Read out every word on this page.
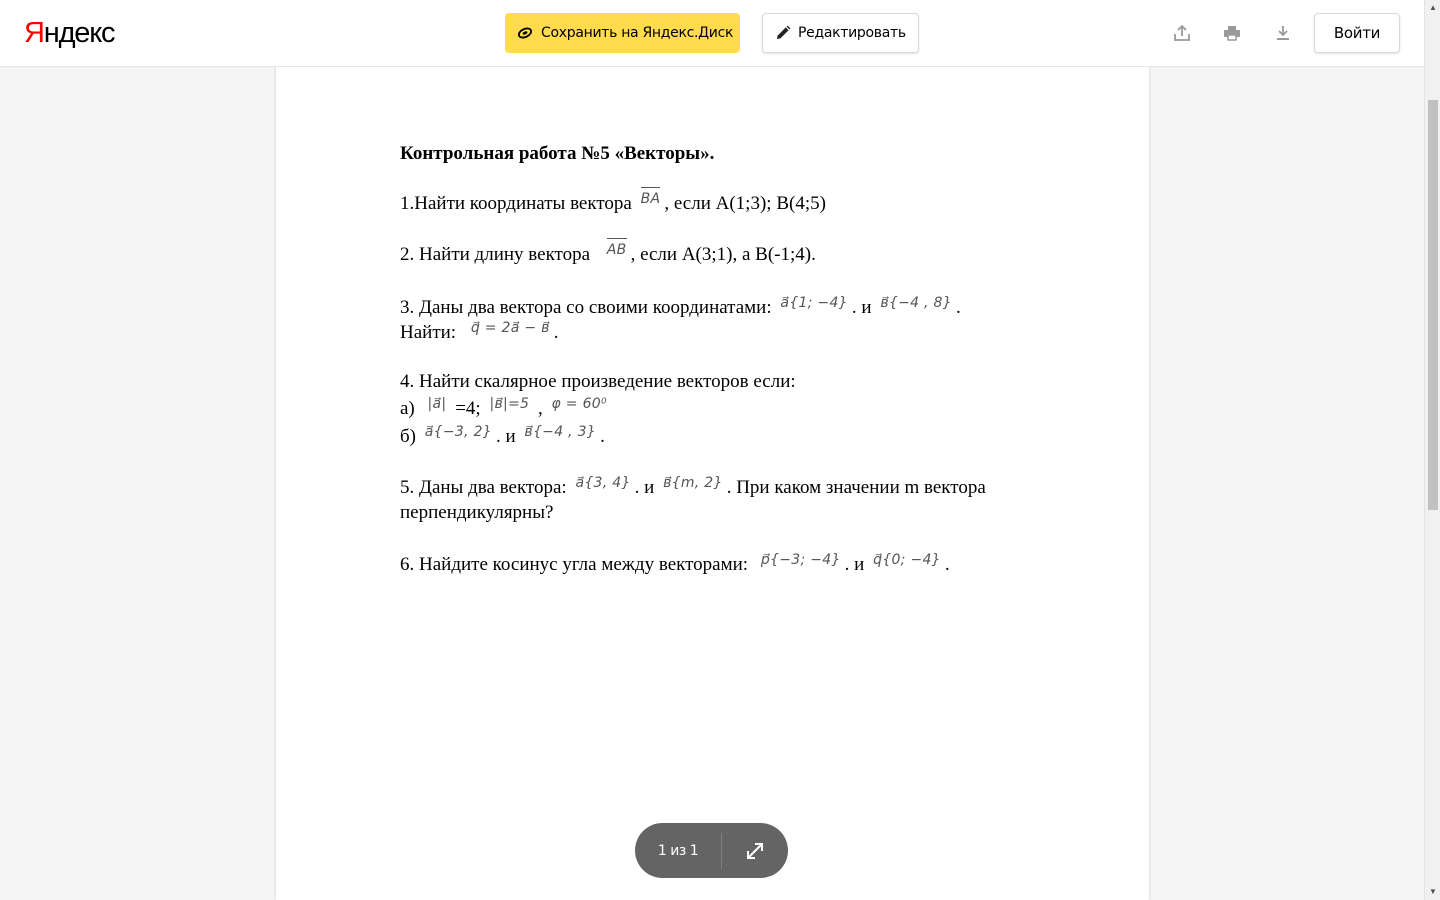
Яндекс	Сохранить на Яндекс.Диск	Редактировать	Войти

Контрольная работа №5 «Векторы».

1.Найти координаты вектора BA , если A(1;3); B(4;5)

2. Найти длину вектора AB , если A(3;1), а B(-1;4).

3. Даны два вектора со своими координатами: $^{a⃗\{1; -4\}}$ . и $^{в⃗\{-4 , 8\}}$ .

Найти: $^{q⃗ = 2a⃗ - в⃗}$ .

4. Найти скалярное произведение векторов если:

а) $^{|a⃗|}$ =4; $^{|в⃗|=5}$ , $^{\varphi = 60^0}$

б) $^{a⃗\{-3, 2\}}$ . и $^{в⃗\{-4 , 3\}}$ .

5. Даны два вектора: $^{a⃗\{3, 4\}}$ . и $^{в⃗\{m, 2\}}$ . При каком значении m вектора

перпендикулярны?

6. Найдите косинус угла между векторами: $^{p⃗\{-3; -4\}}$ . и $^{q⃗\{0; -4\}}$ .

1 из 1
▲
▼
